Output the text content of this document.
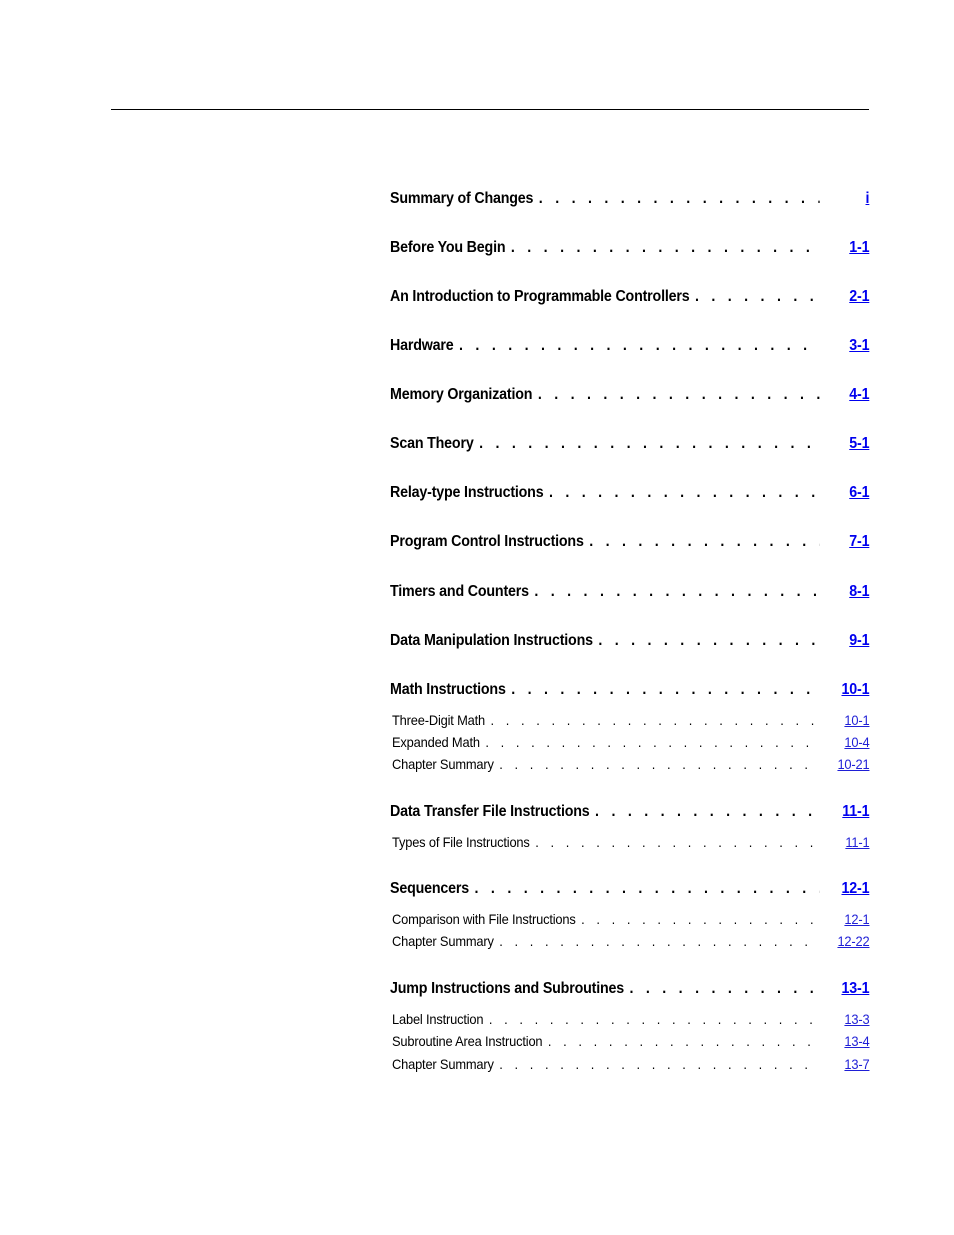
Summary of Changes . . .	i
Before You Begin . . .	1-1
An Introduction to Programmable Controllers . . .	2-1
Hardware . . .	3-1
Memory Organization . . .	4-1
Scan Theory . . .	5-1
Relay-type Instructions . . .	6-1
Program Control Instructions . . .	7-1
Timers and Counters . . .	8-1
Data Manipulation Instructions . . .	9-1
Math Instructions . . .	10-1
Three-Digit Math . . .	10-1
Expanded Math . . .	10-4
Chapter Summary . . .	10-21
Data Transfer File Instructions . . .	11-1
Types of File Instructions . . .	11-1
Sequencers . . .	12-1
Comparison with File Instructions . . .	12-1
Chapter Summary . . .	12-22
Jump Instructions and Subroutines . . .	13-1
Label Instruction . . .	13-3
Subroutine Area Instruction . . .	13-4
Chapter Summary . . .	13-7
